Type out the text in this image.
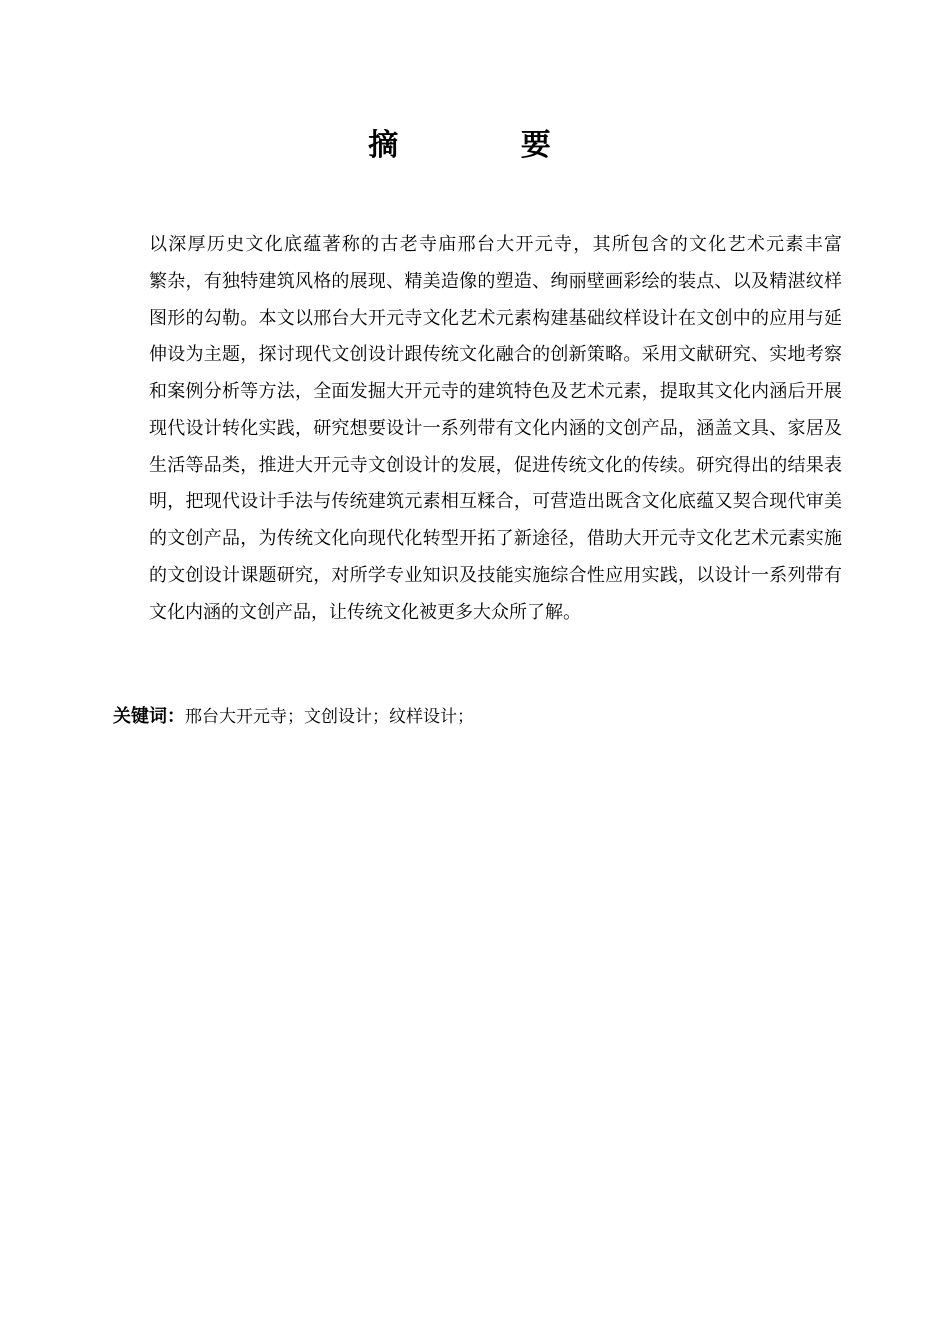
摘 要

以深厚历史文化底蕴著称的古老寺庙邢台大开元寺，其所包含的文化艺术元素丰富
繁杂，有独特建筑风格的展现、精美造像的塑造、绚丽壁画彩绘的装点、以及精湛纹样
图形的勾勒。本文以邢台大开元寺文化艺术元素构建基础纹样设计在文创中的应用与延
伸设为主题，探讨现代文创设计跟传统文化融合的创新策略。采用文献研究、实地考察
和案例分析等方法，全面发掘大开元寺的建筑特色及艺术元素，提取其文化内涵后开展
现代设计转化实践，研究想要设计一系列带有文化内涵的文创产品，涵盖文具、家居及
生活等品类，推进大开元寺文创设计的发展，促进传统文化的传续。研究得出的结果表
明，把现代设计手法与传统建筑元素相互糅合，可营造出既含文化底蕴又契合现代审美
的文创产品，为传统文化向现代化转型开拓了新途径，借助大开元寺文化艺术元素实施
的文创设计课题研究，对所学专业知识及技能实施综合性应用实践，以设计一系列带有
文化内涵的文创产品，让传统文化被更多大众所了解。

关键词：邢台大开元寺；文创设计；纹样设计；
